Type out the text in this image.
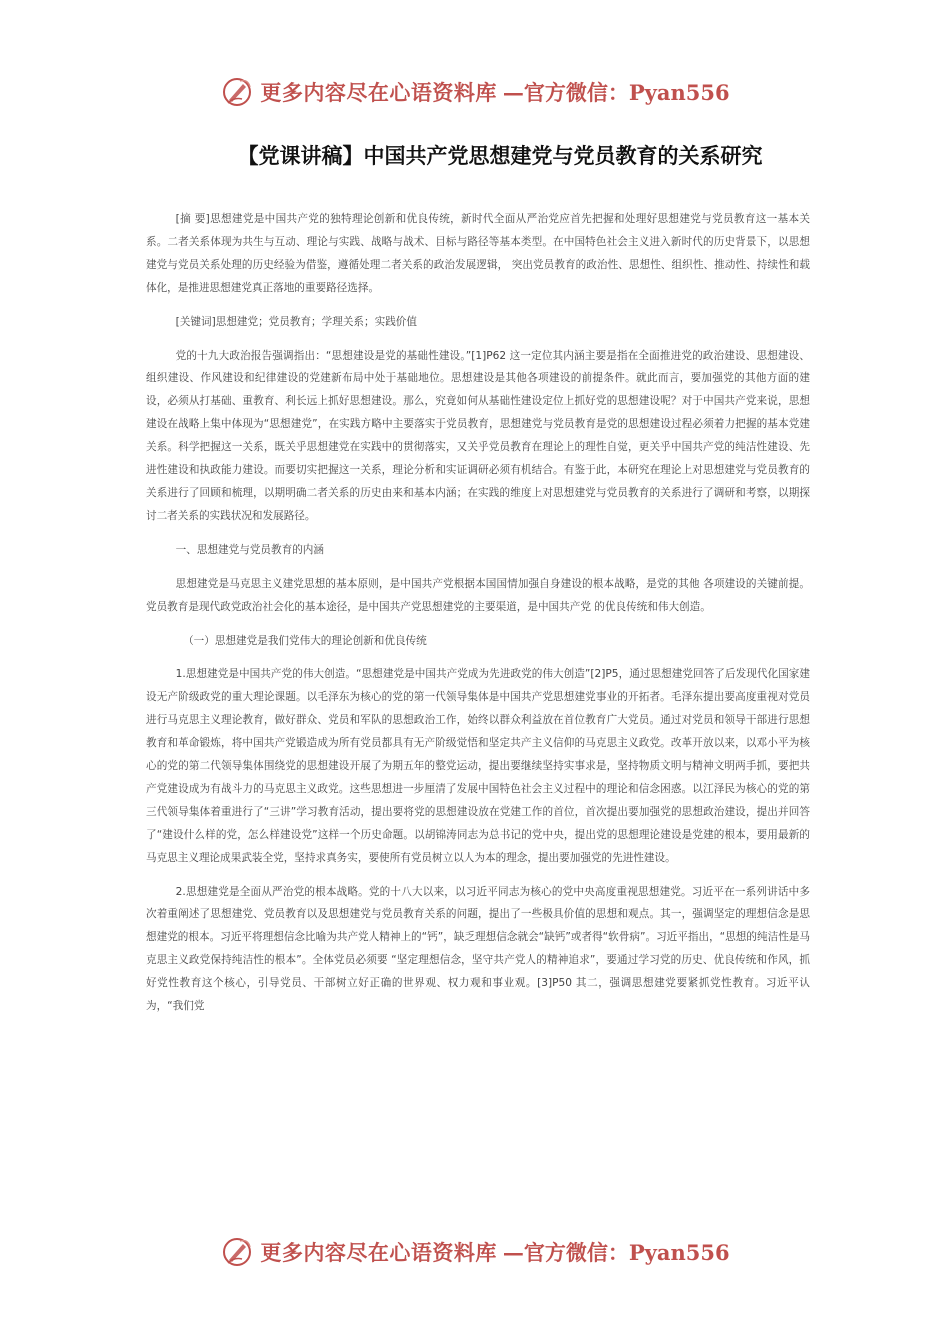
更多内容尽在心语资料库 —官方微信：Pyan556
【党课讲稿】中国共产党思想建党与党员教育的关系研究

[摘 要]思想建党是中国共产党的独特理论创新和优良传统，新时代全面从严治党应首先把握和处理好思想建党与党员教育这一基本关系。二者关系体现为共生与互动、理论与实践、战略与战术、目标与路径等基本类型。在中国特色社会主义进入新时代的历史背景下，以思想建党与党员关系处理的历史经验为借鉴，遵循处理二者关系的政治发展逻辑， 突出党员教育的政治性、思想性、组织性、推动性、持续性和载体化，是推进思想建党真正落地的重要路径选择。

[关键词]思想建党；党员教育；学理关系；实践价值

党的十九大政治报告强调指出：“思想建设是党的基础性建设。”[1]P62 这一定位其内涵主要是指在全面推进党的政治建设、思想建设、组织建设、作风建设和纪律建设的党建新布局中处于基础地位。思想建设是其他各项建设的前提条件。就此而言，要加强党的其他方面的建设，必须从打基础、重教育、利长远上抓好思想建设。那么，究竟如何从基础性建设定位上抓好党的思想建设呢？对于中国共产党来说，思想建设在战略上集中体现为“思想建党”，在实践方略中主要落实于党员教育，思想建党与党员教育是党的思想建设过程必须着力把握的基本党建关系。科学把握这一关系，既关乎思想建党在实践中的贯彻落实，又关乎党员教育在理论上的理性自觉，更关乎中国共产党的纯洁性建设、先进性建设和执政能力建设。而要切实把握这一关系，理论分析和实证调研必须有机结合。有鉴于此，本研究在理论上对思想建党与党员教育的关系进行了回顾和梳理，以期明确二者关系的历史由来和基本内涵；在实践的维度上对思想建党与党员教育的关系进行了调研和考察，以期探讨二者关系的实践状况和发展路径。

一、思想建党与党员教育的内涵

思想建党是马克思主义建党思想的基本原则，是中国共产党根据本国国情加强自身建设的根本战略，是党的其他 各项建设的关键前提。党员教育是现代政党政治社会化的基本途径，是中国共产党思想建党的主要渠道，是中国共产党 的优良传统和伟大创造。

（一）思想建党是我们党伟大的理论创新和优良传统

1.思想建党是中国共产党的伟大创造。“思想建党是中国共产党成为先进政党的伟大创造”[2]P5，通过思想建党回答了后发现代化国家建设无产阶级政党的重大理论课题。以毛泽东为核心的党的第一代领导集体是中国共产党思想建党事业的开拓者。毛泽东提出要高度重视对党员进行马克思主义理论教育，做好群众、党员和军队的思想政治工作，始终以群众利益放在首位教育广大党员。通过对党员和领导干部进行思想教育和革命锻炼，将中国共产党锻造成为所有党员都具有无产阶级觉悟和坚定共产主义信仰的马克思主义政党。改革开放以来，以邓小平为核心的党的第二代领导集体围绕党的思想建设开展了为期五年的整党运动，提出要继续坚持实事求是，坚持物质文明与精神文明两手抓，要把共产党建设成为有战斗力的马克思主义政党。这些思想进一步厘清了发展中国特色社会主义过程中的理论和信念困惑。以江泽民为核心的党的第三代领导集体着重进行了“三讲”学习教育活动，提出要将党的思想建设放在党建工作的首位，首次提出要加强党的思想政治建设，提出并回答了“建设什么样的党，怎么样建设党”这样一个历史命题。以胡锦涛同志为总书记的党中央，提出党的思想理论建设是党建的根本，要用最新的马克思主义理论成果武装全党，坚持求真务实，要使所有党员树立以人为本的理念，提出要加强党的先进性建设。

2.思想建党是全面从严治党的根本战略。党的十八大以来，以习近平同志为核心的党中央高度重视思想建党。习近平在一系列讲话中多次着重阐述了思想建党、党员教育以及思想建党与党员教育关系的问题，提出了一些极具价值的思想和观点。其一，强调坚定的理想信念是思想建党的根本。习近平将理想信念比喻为共产党人精神上的“钙”，缺乏理想信念就会“缺钙”或者得“软骨病”。习近平指出，“思想的纯洁性是马克思主义政党保持纯洁性的根本”。全体党员必须要 “坚定理想信念，坚守共产党人的精神追求”，要通过学习党的历史、优良传统和作风，抓好党性教育这个核心，引导党员、干部树立好正确的世界观、权力观和事业观。[3]P50 其二，强调思想建党要紧抓党性教育。习近平认为，“我们党

更多内容尽在心语资料库 —官方微信：Pyan556
